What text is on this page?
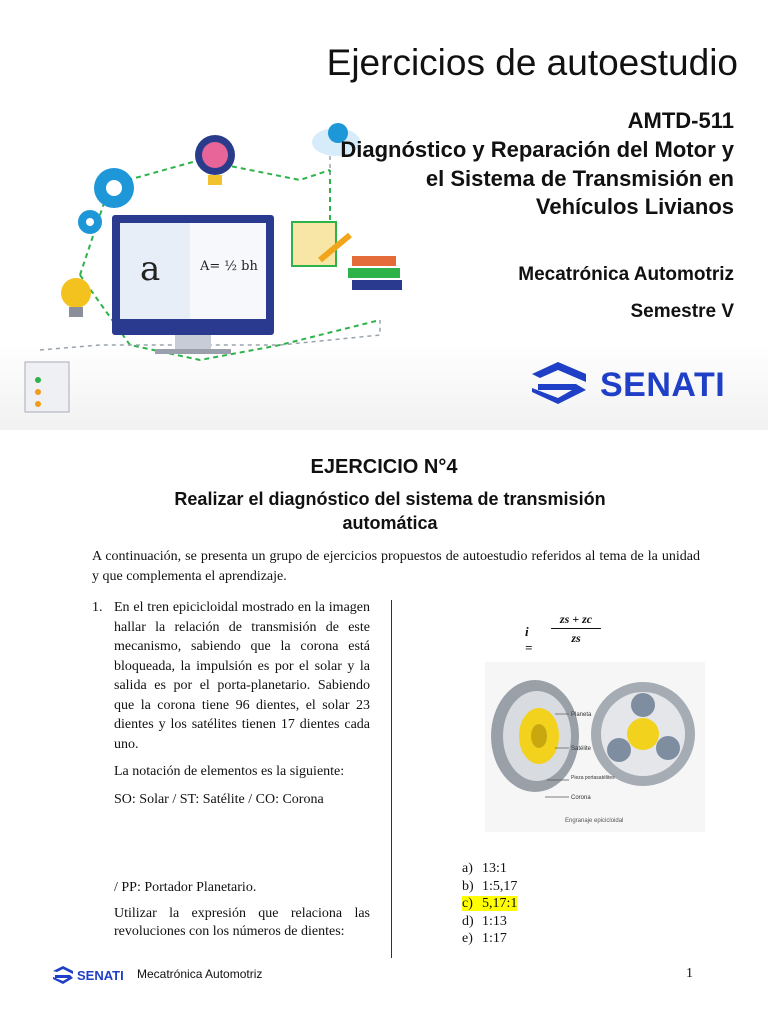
a	A= ½ bh
Ejercicios de autoestudio
AMTD-511
Diagnóstico y Reparación del Motor y el Sistema de Transmisión en Vehículos Livianos
Mecatrónica Automotriz
Semestre V
SENATI
EJERCICIO N°4
Realizar el diagnóstico del sistema de transmisión automática
A continuación, se presenta un grupo de ejercicios propuestos de autoestudio referidos al tema de la unidad y que complementa el aprendizaje.
1. En el tren epicicloidal mostrado en la imagen hallar la relación de transmisión de este mecanismo, sabiendo que la corona está bloqueada, la impulsión es por el solar y la salida es por el porta-planetario. Sabiendo que la corona tiene 96 dientes, el solar 23 dientes y los satélites tienen 17 dientes cada uno.
La notación de elementos es la siguiente:
SO: Solar / ST: Satélite / CO: Corona
/ PP: Portador Planetario.
Utilizar la expresión que relaciona las revoluciones con los números de dientes:
i =
$\frac{zs + zc}{zs}$
Planeta
Satélite
Pieza portasatélites
Corona
Engranaje epicicloidal
a) 13:1
b) 1:5,17
c) 5,17:1
d) 1:13
e) 1:17
SENATI Mecatrónica Automotriz	1
